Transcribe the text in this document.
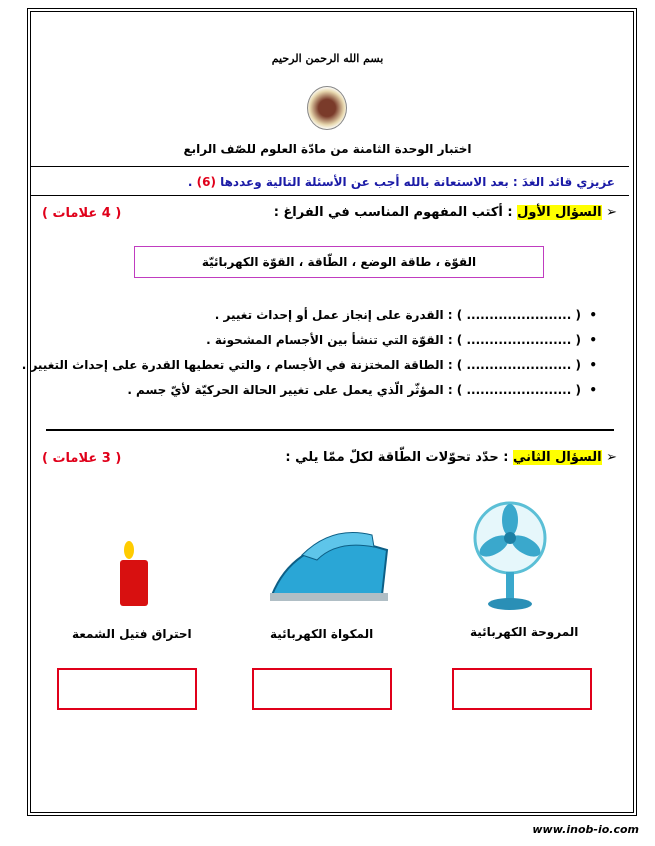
بسم الله الرحمن الرحيم
اختبار الوحدة الثامنة من مادّة العلوم للصّف الرابع
عزيزي قائد الغدَ : بعد الاستعانة بالله أجب عن الأسئلة التالية وعددها (6) .
➢ السؤال الأول : أكتب المفهوم المناسب في الفراغ :
( 4 علامات )
القوّة ، طاقة الوضع ، الطّاقة ، القوّة الكهربائيّة
•  ( ....................... ) : القدرة على إنجاز عمل أو إحداث تغيير .
•  ( ....................... ) : القوّة التي تنشأ بين الأجسام المشحونة .
•  ( ....................... ) : الطاقة المختزنة في الأجسام ، والتي تعطيها القدرة على إحداث التغيير .
•  ( ....................... ) : المؤثّر الّذي يعمل على تغيير الحالة الحركيّة لأيّ جسم .
➢ السؤال الثاني : حدّد تحوّلات الطّاقة لكلّ ممّا يلي :
( 3 علامات )
المروحة الكهربائية
المكواة الكهربائية
احتراق فتيل الشمعة
www.inob-io.com
